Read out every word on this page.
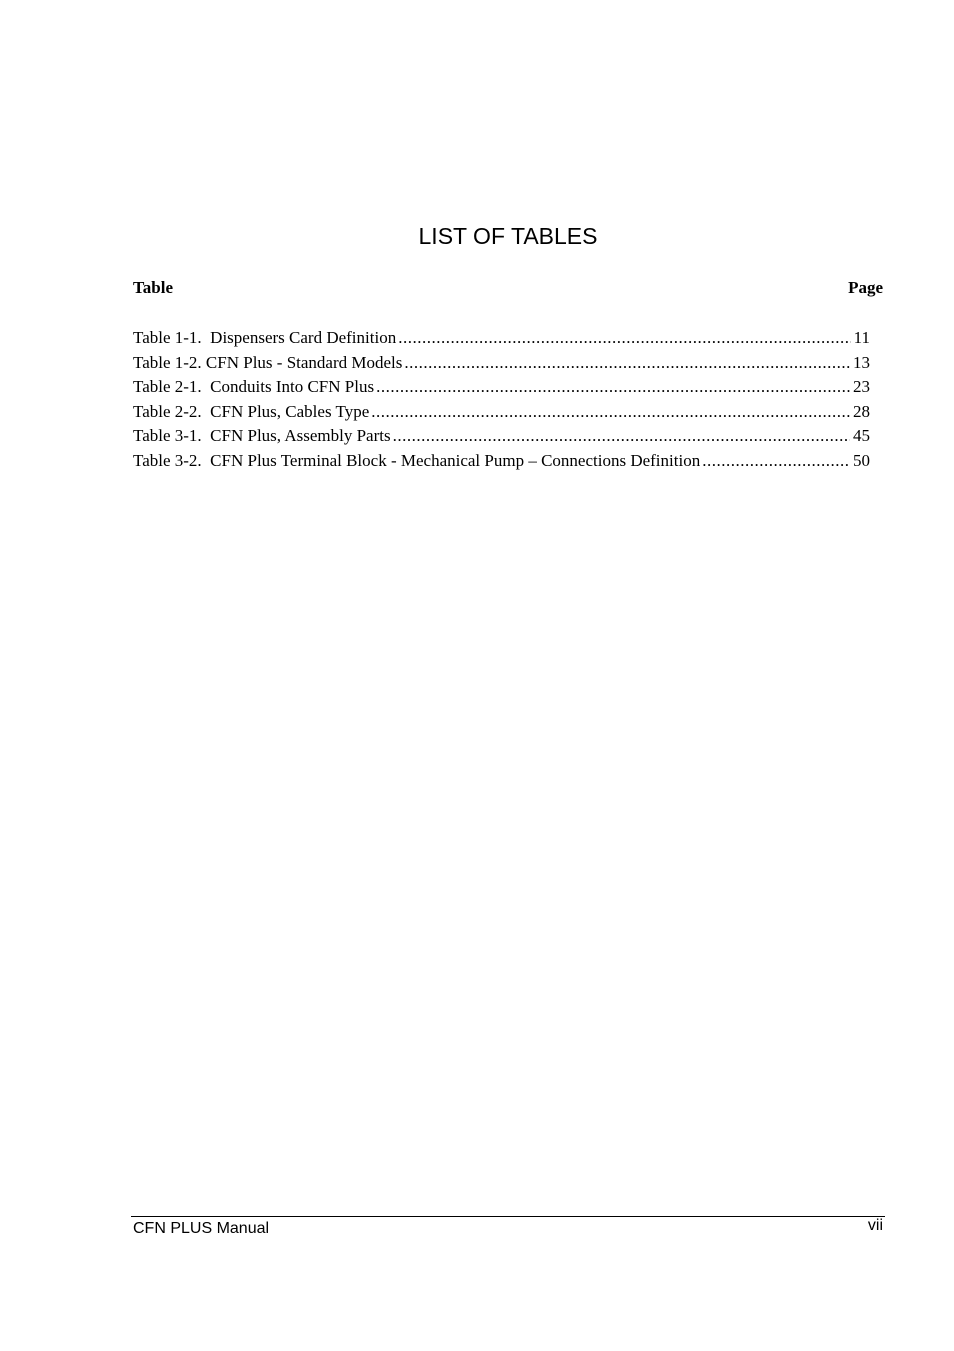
LIST OF TABLES
Table	Page
Table 1-1.  Dispensers Card Definition .....	11
Table 1-2. CFN Plus - Standard Models .....	13
Table 2-1.  Conduits Into CFN Plus .....	23
Table 2-2.  CFN Plus, Cables Type .....	28
Table 3-1.  CFN Plus, Assembly Parts .....	45
Table 3-2.  CFN Plus Terminal Block - Mechanical Pump – Connections Definition .....	50
CFN PLUS Manual	vii
